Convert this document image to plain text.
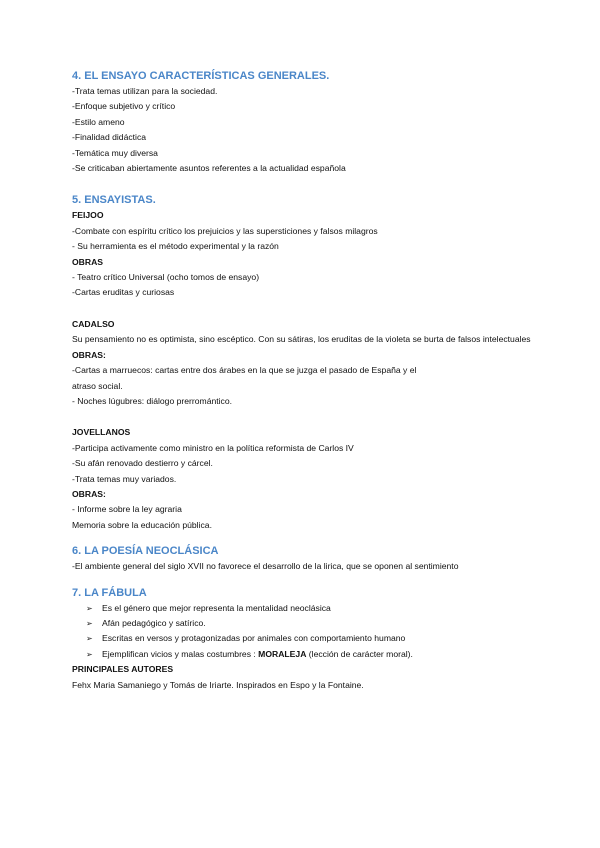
4. EL ENSAYO CARACTERÍSTICAS GENERALES.

-Trata temas utilizan para la sociedad.

-Enfoque subjetivo y crítico

-Estilo ameno

-Finalidad didáctica

-Temática muy diversa

-Se criticaban abiertamente asuntos referentes a la actualidad española

5. ENSAYISTAS.

FEIJOO

-Combate con espíritu crítico los prejuicios y las supersticiones y falsos milagros

- Su herramienta es el método experimental y la razón

OBRAS

- Teatro crítico Universal (ocho tomos de ensayo)

-Cartas eruditas y curiosas

CADALSO

Su pensamiento no es optimista, sino escéptico. Con su sátiras, los eruditas de la violeta se burta de falsos intelectuales

OBRAS:

-Cartas a marruecos: cartas entre dos árabes en la que se juzga el pasado de España y el

atraso social.

- Noches lúgubres: diálogo prerromántico.

JOVELLANOS

-Participa activamente como ministro en la política reformista de Carlos IV

-Su afán renovado destierro y cárcel.

-Trata temas muy variados.

OBRAS:

- Informe sobre la ley agraria

Memoria sobre la educación pública.

6. LA POESÍA NEOCLÁSICA

-El ambiente general del siglo XVII no favorece el desarrollo de la lirica, que se oponen al sentimiento

7. LA FÁBULA

➢ Es el género que mejor representa la mentalidad neoclásica
➢ Afán pedagógico y satírico.
➢ Escritas en versos y protagonizadas por animales con comportamiento humano
➢ Ejemplifican vicios y malas costumbres : MORALEJA (lección de carácter moral).

PRINCIPALES AUTORES

Fehx Maria Samaniego y Tomás de Iriarte. Inspirados en Espo y la Fontaine.
